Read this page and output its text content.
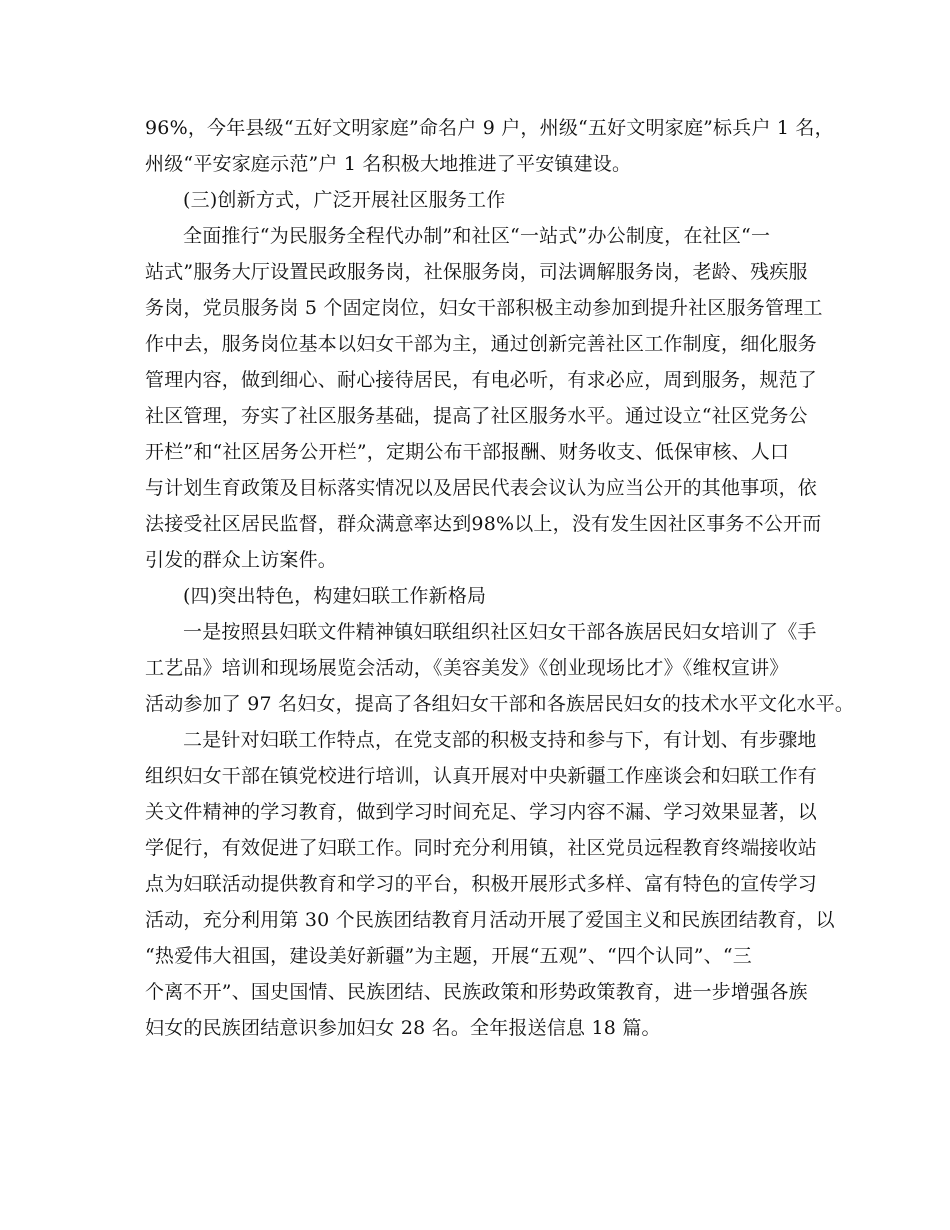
96%，今年县级“五好文明家庭”命名户 9 户，州级“五好文明家庭”标兵户 1 名，
州级“平安家庭示范”户 1 名积极大地推进了平安镇建设。
(三)创新方式，广泛开展社区服务工作
全面推行“为民服务全程代办制”和社区“一站式”办公制度，在社区“一
站式”服务大厅设置民政服务岗，社保服务岗，司法调解服务岗，老龄、残疾服
务岗，党员服务岗 5 个固定岗位，妇女干部积极主动参加到提升社区服务管理工
作中去，服务岗位基本以妇女干部为主，通过创新完善社区工作制度，细化服务
管理内容，做到细心、耐心接待居民，有电必听，有求必应，周到服务，规范了
社区管理，夯实了社区服务基础，提高了社区服务水平。通过设立“社区党务公
开栏”和“社区居务公开栏”，定期公布干部报酬、财务收支、低保审核、人口
与计划生育政策及目标落实情况以及居民代表会议认为应当公开的其他事项，依
法接受社区居民监督，群众满意率达到98%以上，没有发生因社区事务不公开而
引发的群众上访案件。
(四)突出特色，构建妇联工作新格局
一是按照县妇联文件精神镇妇联组织社区妇女干部各族居民妇女培训了《手
工艺品》培训和现场展览会活动，《美容美发》《创业现场比才》《维权宣讲》
活动参加了 97 名妇女，提高了各组妇女干部和各族居民妇女的技术水平文化水平。
二是针对妇联工作特点，在党支部的积极支持和参与下，有计划、有步骤地
组织妇女干部在镇党校进行培训，认真开展对中央新疆工作座谈会和妇联工作有
关文件精神的学习教育，做到学习时间充足、学习内容不漏、学习效果显著，以
学促行，有效促进了妇联工作。同时充分利用镇，社区党员远程教育终端接收站
点为妇联活动提供教育和学习的平台，积极开展形式多样、富有特色的宣传学习
活动，充分利用第 30 个民族团结教育月活动开展了爱国主义和民族团结教育，以
“热爱伟大祖国，建设美好新疆”为主题，开展“五观”、“四个认同”、“三
个离不开”、国史国情、民族团结、民族政策和形势政策教育，进一步增强各族
妇女的民族团结意识参加妇女 28 名。全年报送信息 18 篇。
